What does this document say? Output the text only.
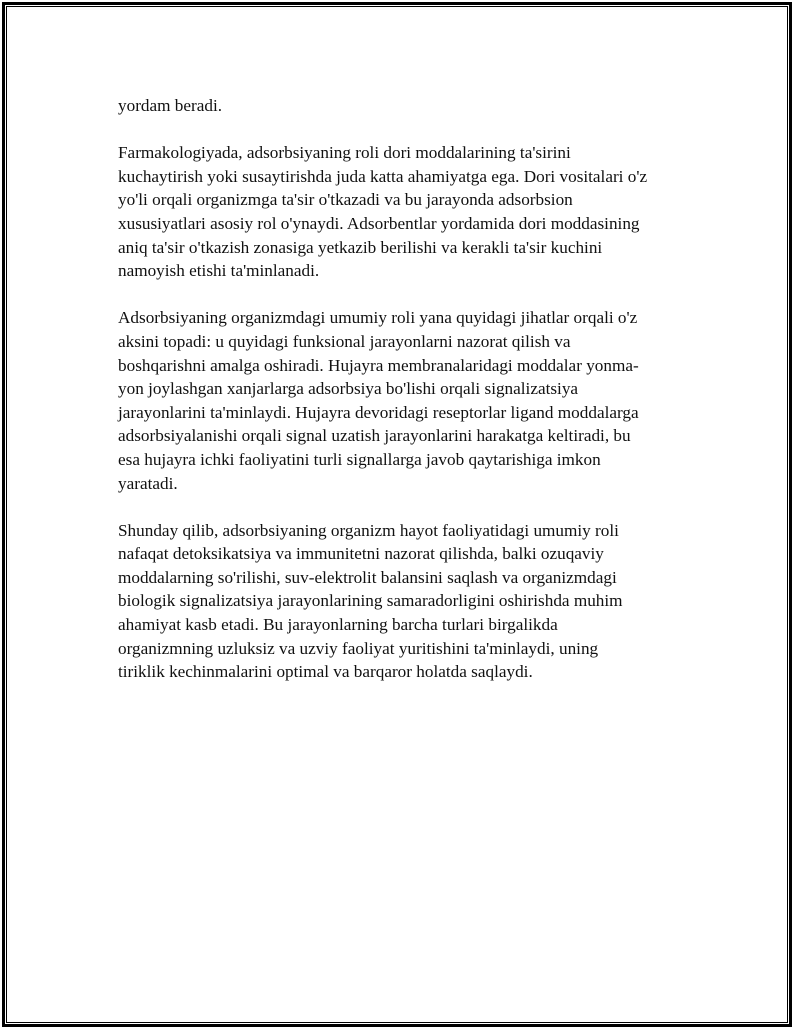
yordam beradi.

Farmakologiyada, adsorbsiyaning roli dori moddalarining ta'sirini
kuchaytirish yoki susaytirishda juda katta ahamiyatga ega. Dori vositalari o'z
yo'li orqali organizmga ta'sir o'tkazadi va bu jarayonda adsorbsion
xususiyatlari asosiy rol o'ynaydi. Adsorbentlar yordamida dori moddasining
aniq ta'sir o'tkazish zonasiga yetkazib berilishi va kerakli ta'sir kuchini
namoyish etishi ta'minlanadi.

Adsorbsiyaning organizmdagi umumiy roli yana quyidagi jihatlar orqali o'z
aksini topadi: u quyidagi funksional jarayonlarni nazorat qilish va
boshqarishni amalga oshiradi. Hujayra membranalaridagi moddalar yonma-
yon joylashgan xanjarlarga adsorbsiya bo'lishi orqali signalizatsiya
jarayonlarini ta'minlaydi. Hujayra devoridagi reseptorlar ligand moddalarga
adsorbsiyalanishi orqali signal uzatish jarayonlarini harakatga keltiradi, bu
esa hujayra ichki faoliyatini turli signallarga javob qaytarishiga imkon
yaratadi.

Shunday qilib, adsorbsiyaning organizm hayot faoliyatidagi umumiy roli
nafaqat detoksikatsiya va immunitetni nazorat qilishda, balki ozuqaviy
moddalarning so'rilishi, suv-elektrolit balansini saqlash va organizmdagi
biologik signalizatsiya jarayonlarining samaradorligini oshirishda muhim
ahamiyat kasb etadi. Bu jarayonlarning barcha turlari birgalikda
organizmning uzluksiz va uzviy faoliyat yuritishini ta'minlaydi, uning
tiriklik kechinmalarini optimal va barqaror holatda saqlaydi.
